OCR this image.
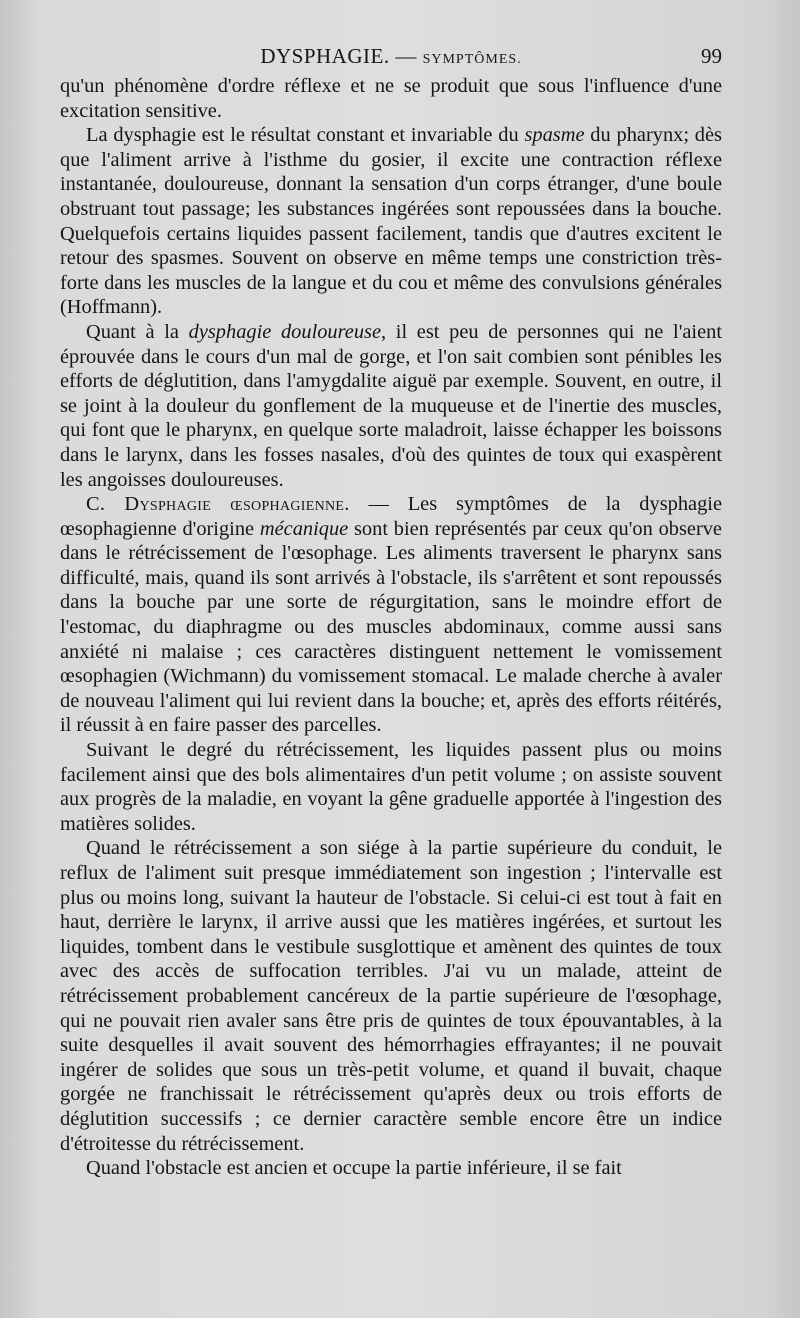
DYSPHAGIE. — SYMPTÔMES.	99

qu'un phénomène d'ordre réflexe et ne se produit que sous l'influence d'une excitation sensitive.

La dysphagie est le résultat constant et invariable du spasme du pharynx; dès que l'aliment arrive à l'isthme du gosier, il excite une contraction réflexe instantanée, douloureuse, donnant la sensation d'un corps étranger, d'une boule obstruant tout passage; les substances ingérées sont repoussées dans la bouche. Quelquefois certains liquides passent facilement, tandis que d'autres excitent le retour des spasmes. Souvent on observe en même temps une constriction très-forte dans les muscles de la langue et du cou et même des convulsions générales (Hoffmann).

Quant à la dysphagie douloureuse, il est peu de personnes qui ne l'aient éprouvée dans le cours d'un mal de gorge, et l'on sait combien sont pénibles les efforts de déglutition, dans l'amygdalite aiguë par exemple. Souvent, en outre, il se joint à la douleur du gonflement de la muqueuse et de l'inertie des muscles, qui font que le pharynx, en quelque sorte maladroit, laisse échapper les boissons dans le larynx, dans les fosses nasales, d'où des quintes de toux qui exaspèrent les angoisses douloureuses.

C. Dysphagie œsophagienne. — Les symptômes de la dysphagie œsophagienne d'origine mécanique sont bien représentés par ceux qu'on observe dans le rétrécissement de l'œsophage. Les aliments traversent le pharynx sans difficulté, mais, quand ils sont arrivés à l'obstacle, ils s'arrêtent et sont repoussés dans la bouche par une sorte de régurgitation, sans le moindre effort de l'estomac, du diaphragme ou des muscles abdominaux, comme aussi sans anxiété ni malaise ; ces caractères distinguent nettement le vomissement œsophagien (Wichmann) du vomissement stomacal. Le malade cherche à avaler de nouveau l'aliment qui lui revient dans la bouche; et, après des efforts réitérés, il réussit à en faire passer des parcelles.

Suivant le degré du rétrécissement, les liquides passent plus ou moins facilement ainsi que des bols alimentaires d'un petit volume ; on assiste souvent aux progrès de la maladie, en voyant la gêne graduelle apportée à l'ingestion des matières solides.

Quand le rétrécissement a son siége à la partie supérieure du conduit, le reflux de l'aliment suit presque immédiatement son ingestion ; l'intervalle est plus ou moins long, suivant la hauteur de l'obstacle. Si celui-ci est tout à fait en haut, derrière le larynx, il arrive aussi que les matières ingérées, et surtout les liquides, tombent dans le vestibule susglottique et amènent des quintes de toux avec des accès de suffocation terribles. J'ai vu un malade, atteint de rétrécissement probablement cancéreux de la partie supérieure de l'œsophage, qui ne pouvait rien avaler sans être pris de quintes de toux épouvantables, à la suite desquelles il avait souvent des hémorrhagies effrayantes; il ne pouvait ingérer de solides que sous un très-petit volume, et quand il buvait, chaque gorgée ne franchissait le rétrécissement qu'après deux ou trois efforts de déglutition successifs ; ce dernier caractère semble encore être un indice d'étroitesse du rétrécissement.

Quand l'obstacle est ancien et occupe la partie inférieure, il se fait
